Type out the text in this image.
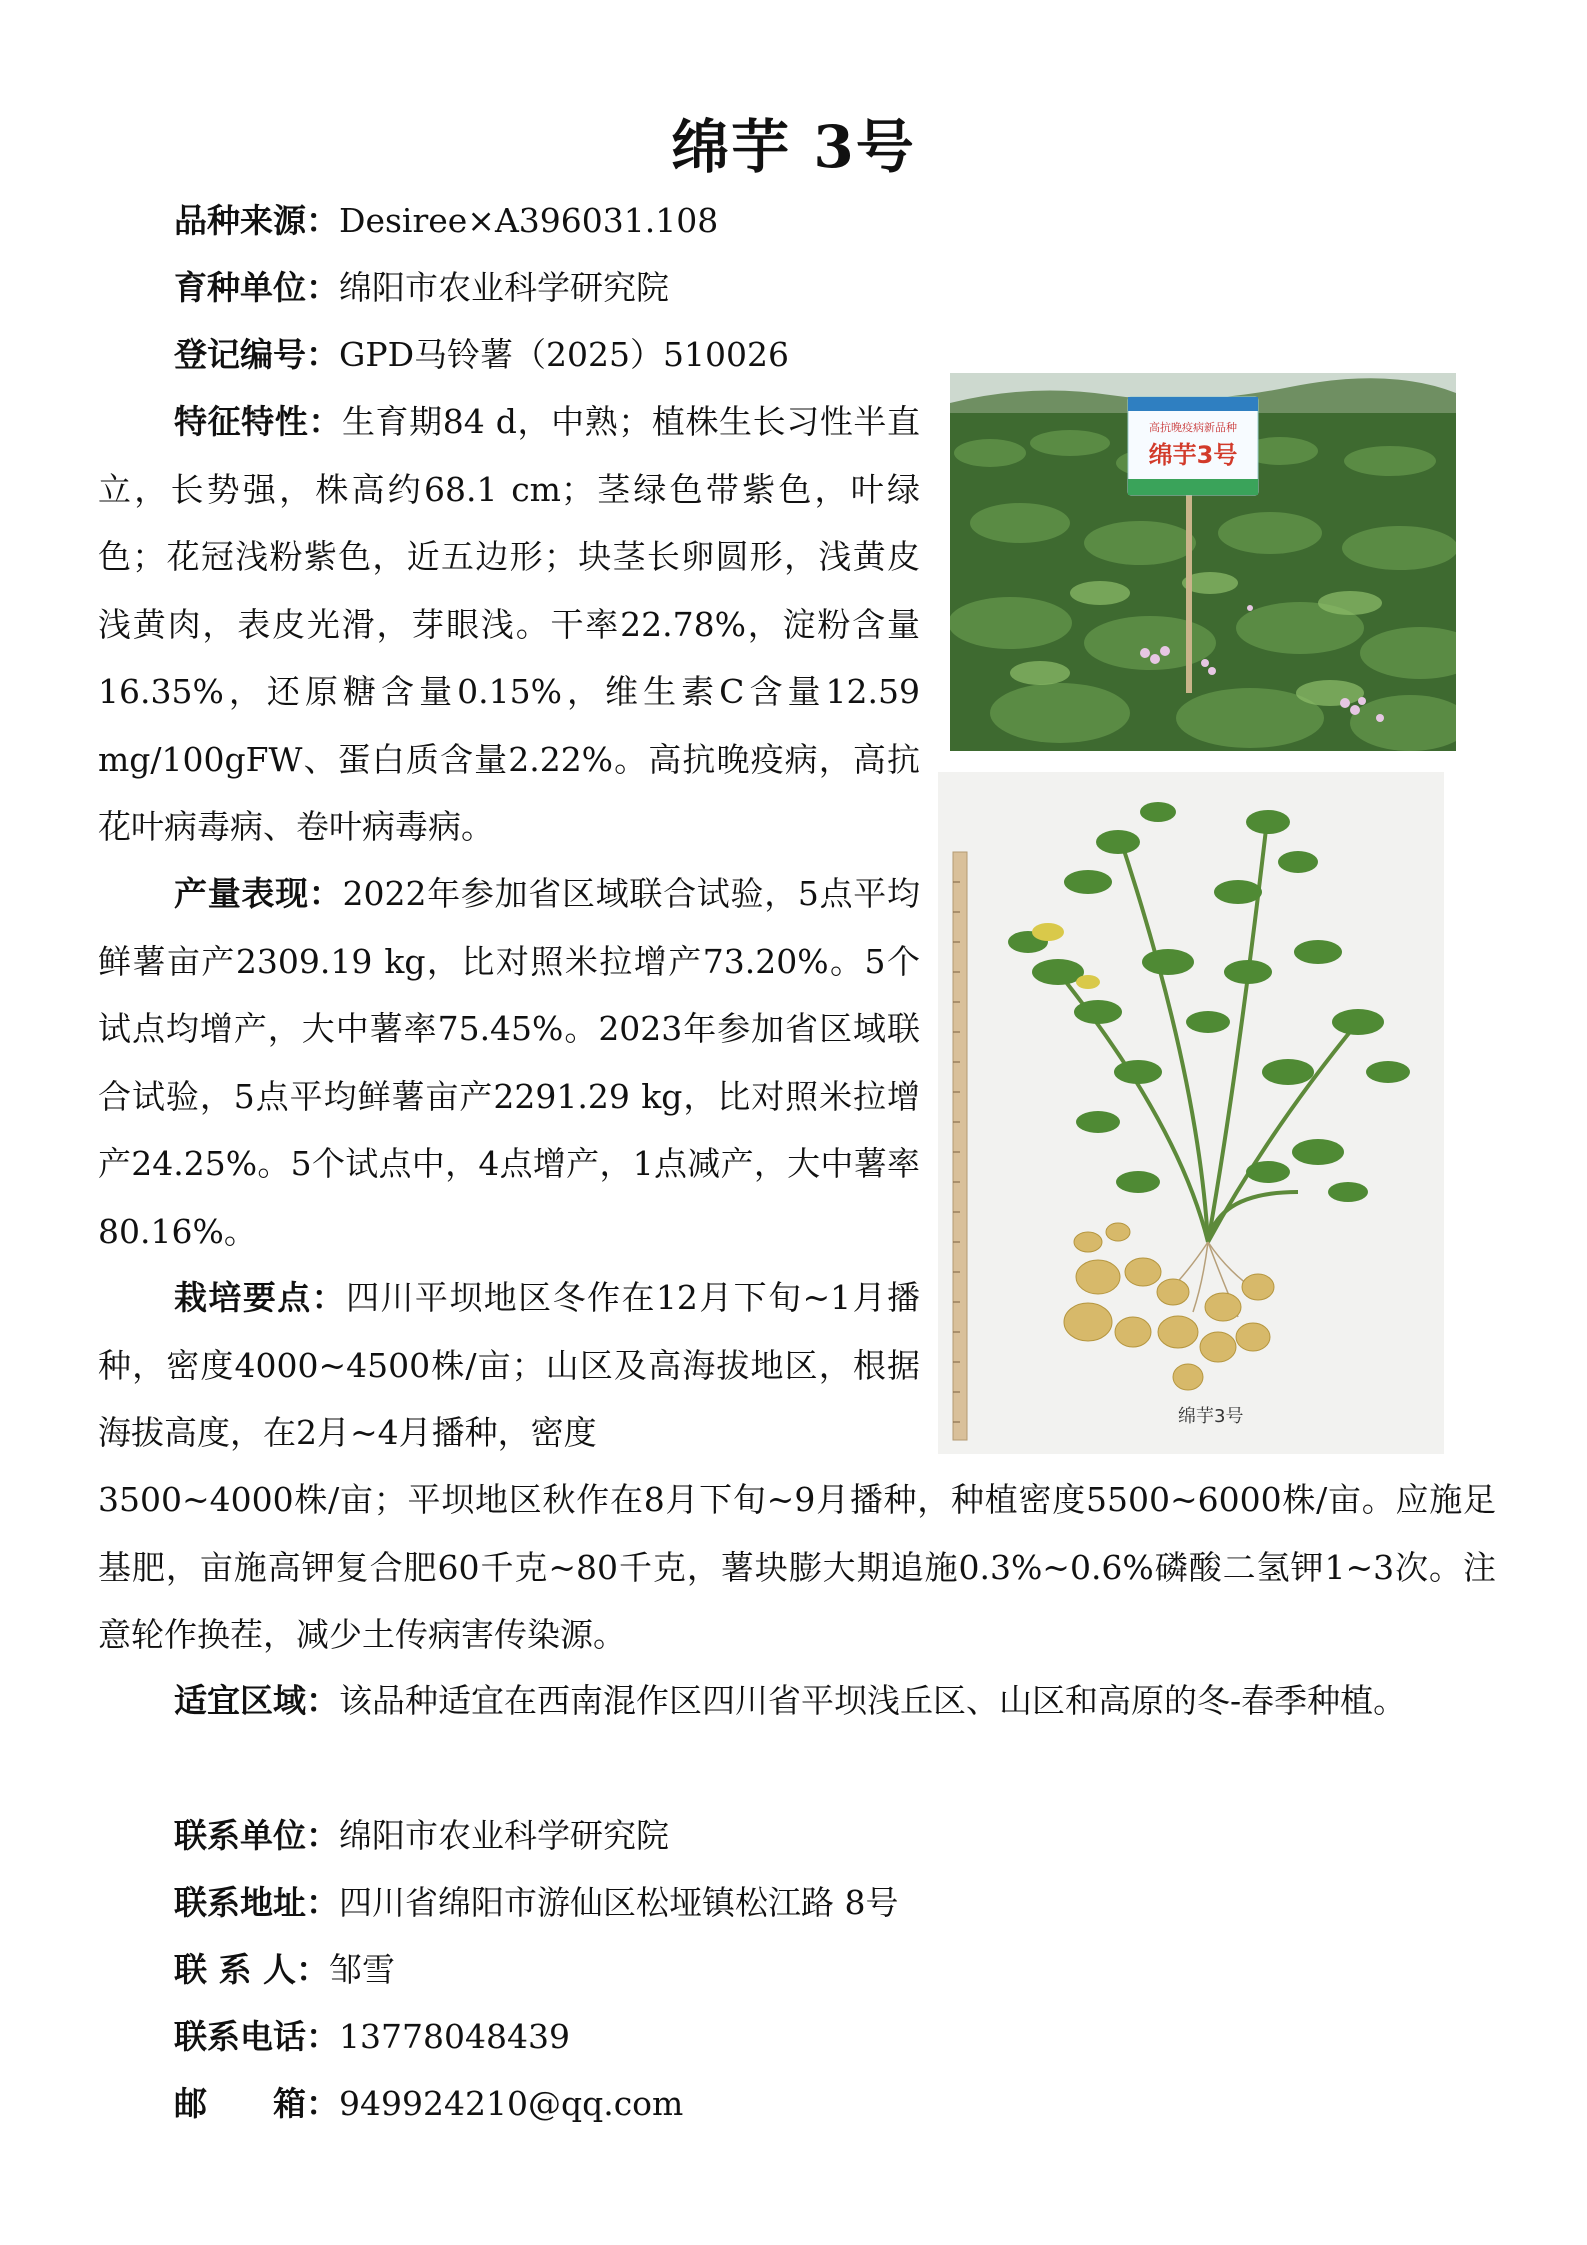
绵芋 3号

品种来源：Desiree×A396031.108

育种单位：绵阳市农业科学研究院

登记编号：GPD马铃薯（2025）510026

特征特性：生育期84 d，中熟；植株生长习性半直立，长势强，株高约68.1 cm；茎绿色带紫色，叶绿色；花冠浅粉紫色，近五边形；块茎长卵圆形，浅黄皮浅黄肉，表皮光滑，芽眼浅。干率22.78%，淀粉含量16.35%，还原糖含量0.15%，维生素C含量12.59 mg/100gFW、蛋白质含量2.22%。高抗晚疫病，高抗花叶病毒病、卷叶病毒病。

产量表现：2022年参加省区域联合试验，5点平均鲜薯亩产2309.19 kg，比对照米拉增产73.20%。5个试点均增产，大中薯率75.45%。2023年参加省区域联合试验，5点平均鲜薯亩产2291.29 kg，比对照米拉增产24.25%。5个试点中，4点增产，1点减产，大中薯率80.16%。

栽培要点：四川平坝地区冬作在12月下旬~1月播种，密度4000~4500株/亩；山区及高海拔地区，根据海拔高度，在2月~4月播种，密度

3500~4000株/亩；平坝地区秋作在8月下旬~9月播种，种植密度5500~6000株/亩。应施足基肥，亩施高钾复合肥60千克~80千克，薯块膨大期追施0.3%~0.6%磷酸二氢钾1~3次。注意轮作换茬，减少土传病害传染源。

适宜区域：该品种适宜在西南混作区四川省平坝浅丘区、山区和高原的冬-春季种植。

联系单位：绵阳市农业科学研究院

联系地址：四川省绵阳市游仙区松垭镇松江路 8号

联 系 人：邹雪

联系电话：13778048439

邮　　箱：949924210@qq.com

高抗晚疫病新品种
绵芋3号
绵芋3号
